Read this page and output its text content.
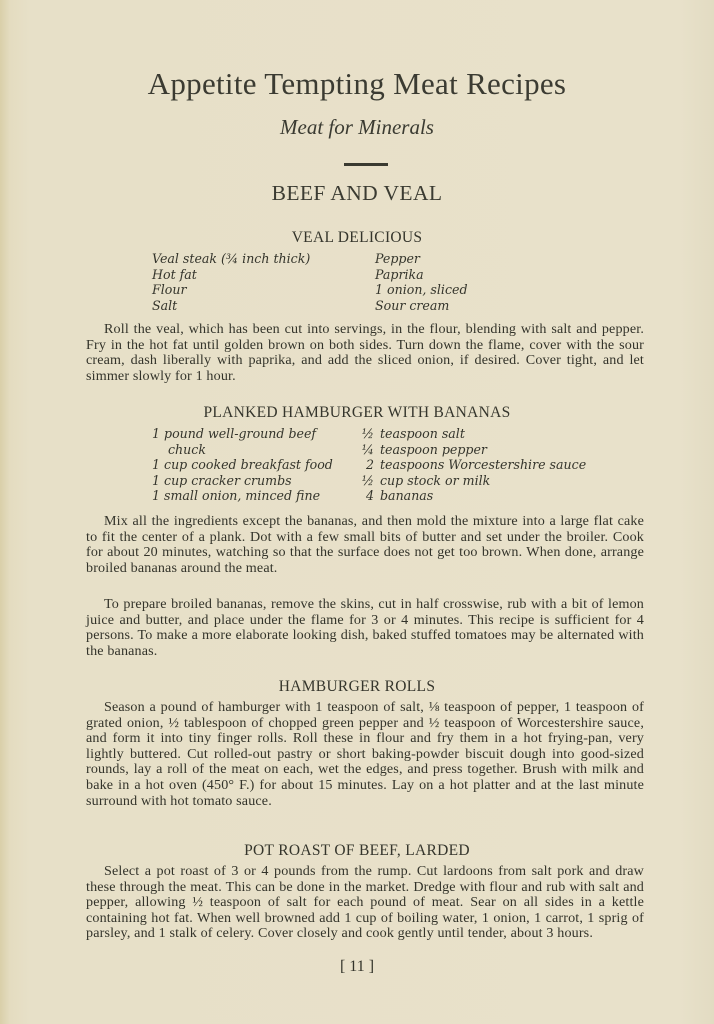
Appetite Tempting Meat Recipes
Meat for Minerals
BEEF AND VEAL
VEAL DELICIOUS
Veal steak (¾ inch thick)
Hot fat
Flour
Salt
Pepper
Paprika
1 onion, sliced
Sour cream
Roll the veal, which has been cut into servings, in the flour, blending with salt and pepper. Fry in the hot fat until golden brown on both sides. Turn down the flame, cover with the sour cream, dash liberally with paprika, and add the sliced onion, if desired. Cover tight, and let simmer slowly for 1 hour.
PLANKED HAMBURGER WITH BANANAS
1 pound well-ground beef
chuck
1 cup cooked breakfast food
1 cup cracker crumbs
1 small onion, minced fine
½ teaspoon salt
¼ teaspoon pepper
2 teaspoons Worcestershire sauce
½ cup stock or milk
4 bananas
Mix all the ingredients except the bananas, and then mold the mixture into a large flat cake to fit the center of a plank. Dot with a few small bits of butter and set under the broiler. Cook for about 20 minutes, watching so that the surface does not get too brown. When done, arrange broiled bananas around the meat.
To prepare broiled bananas, remove the skins, cut in half crosswise, rub with a bit of lemon juice and butter, and place under the flame for 3 or 4 minutes. This recipe is sufficient for 4 persons. To make a more elaborate looking dish, baked stuffed tomatoes may be alternated with the bananas.
HAMBURGER ROLLS
Season a pound of hamburger with 1 teaspoon of salt, ⅛ teaspoon of pepper, 1 teaspoon of grated onion, ½ tablespoon of chopped green pepper and ½ teaspoon of Worcestershire sauce, and form it into tiny finger rolls. Roll these in flour and fry them in a hot frying-pan, very lightly buttered. Cut rolled-out pastry or short baking-powder biscuit dough into good-sized rounds, lay a roll of the meat on each, wet the edges, and press together. Brush with milk and bake in a hot oven (450° F.) for about 15 minutes. Lay on a hot platter and at the last minute surround with hot tomato sauce.
POT ROAST OF BEEF, LARDED
Select a pot roast of 3 or 4 pounds from the rump. Cut lardoons from salt pork and draw these through the meat. This can be done in the market. Dredge with flour and rub with salt and pepper, allowing ½ teaspoon of salt for each pound of meat. Sear on all sides in a kettle containing hot fat. When well browned add 1 cup of boiling water, 1 onion, 1 carrot, 1 sprig of parsley, and 1 stalk of celery. Cover closely and cook gently until tender, about 3 hours.
[ 11 ]
